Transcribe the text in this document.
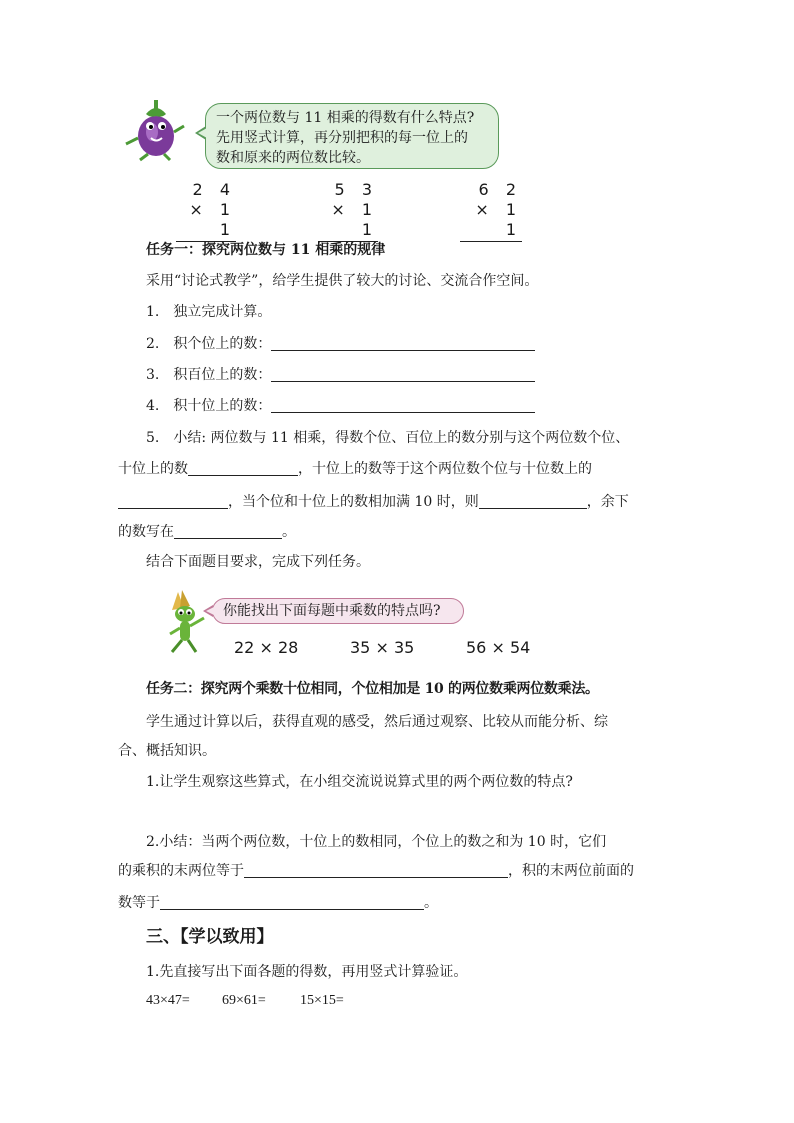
一个两位数与 11 相乘的得数有什么特点?
先用竖式计算，再分别把积的每一位上的
数和原来的两位数比较。
2 4
× 1 1
5 3
× 1 1
6 2
× 1 1
任务一：探究两位数与 11 相乘的规律
采用“讨论式教学”，给学生提供了较大的讨论、交流合作空间。
1.　独立完成计算。
2.　积个位上的数：
3.　积百位上的数：
4.　积十位上的数：
5.　小结: 两位数与 11 相乘，得数个位、百位上的数分别与这个两位数个位、
十位上的数	，十位上的数等于这个两位数个位与十位数上的
，当个位和十位上的数相加满 10 时，则	，余下
的数写在	。
结合下面题目要求，完成下列任务。
你能找出下面每题中乘数的特点吗?
22 × 28	35 × 35	56 × 54
任务二：探究两个乘数十位相同，个位相加是 10 的两位数乘两位数乘法。
学生通过计算以后，获得直观的感受，然后通过观察、比较从而能分析、综
合、概括知识。
1.让学生观察这些算式，在小组交流说说算式里的两个两位数的特点?
2.小结：当两个两位数，十位上的数相同，个位上的数之和为 10 时，它们
的乘积的末两位等于	，积的末两位前面的
数等于	。
三、【学以致用】
1.先直接写出下面各题的得数，再用竖式计算验证。
43×47= 69×61= 15×15=
